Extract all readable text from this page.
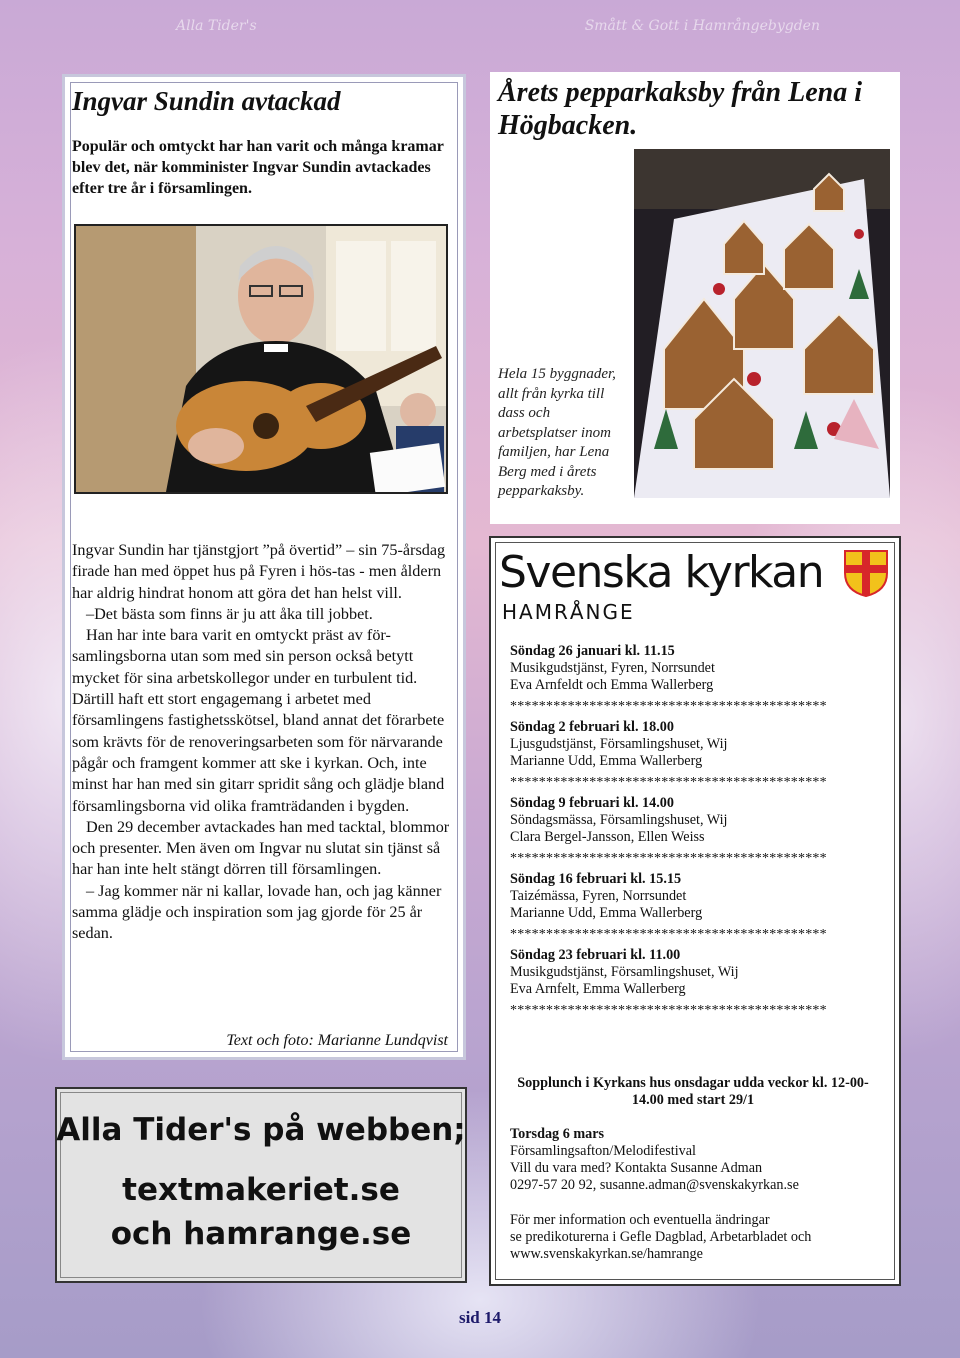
Alla Tider's	Smått & Gott i Hamrångebygden
Ingvar Sundin avtackad

Populär och omtyckt har han varit och många kramar blev det, när komminister Ingvar Sundin avtackades efter tre år i församlingen.

Ingvar Sundin har tjänstgjort ”på övertid” – sin 75-årsdag firade han med öppet hus på Fyren i hös-tas - men åldern har aldrig hindrat honom att göra det han helst vill.

–Det bästa som finns är ju att åka till jobbet.

Han har inte bara varit en omtyckt präst av för-samlingsborna utan som med sin person också betytt mycket för sina arbetskollegor under en turbulent tid. Därtill haft ett stort engagemang i arbetet med församlingens fastighetsskötsel, bland annat det förarbete som krävts för de renoveringsarbeten som för närvarande pågår och framgent kommer att ske i kyrkan. Och, inte minst har han med sin gitarr spridit sång och glädje bland församlingsborna vid olika framträdanden i bygden.

Den 29 december avtackades han med tacktal, blommor och presenter. Men även om Ingvar nu slutat sin tjänst så har han inte helt stängt dörren till församlingen.

– Jag kommer när ni kallar, lovade han, och jag känner samma glädje och inspiration som jag gjorde för 25 år sedan.

Text och foto: Marianne Lundqvist
Årets pepparkaksby från Lena i Högbacken.

Hela 15 byggnader, allt från kyrka till dass och arbetsplatser inom familjen, har Lena Berg med i årets pepparkaksby.

Svenska kyrkan
HAMRÅNGE
Söndag 26 januari kl. 11.15
Musikgudstjänst, Fyren, Norrsundet
Eva Arnfeldt och Emma Wallerberg
********************************************
Söndag 2 februari kl. 18.00
Ljusgudstjänst, Församlingshuset, Wij
Marianne Udd, Emma Wallerberg
********************************************
Söndag 9 februari kl. 14.00
Söndagsmässa, Församlingshuset, Wij
Clara Bergel-Jansson, Ellen Weiss
********************************************
Söndag 16 februari kl. 15.15
Taizémässa, Fyren, Norrsundet
Marianne Udd, Emma Wallerberg
********************************************
Söndag 23 februari kl. 11.00
Musikgudstjänst, Församlingshuset, Wij
Eva Arnfelt, Emma Wallerberg
********************************************
Sopplunch i Kyrkans hus onsdagar udda veckor kl. 12-00-14.00 med start 29/1
Torsdag 6 mars
Församlingsafton/Melodifestival
Vill du vara med? Kontakta Susanne Adman
0297-57 20 92, susanne.adman@svenskakyrkan.se
För mer information och eventuella ändringar
se predikoturerna i Gefle Dagblad, Arbetarbladet och
www.svenskakyrkan.se/hamrange
Alla Tider's på webben;
textmakeriet.se
och hamrange.se
sid 14
